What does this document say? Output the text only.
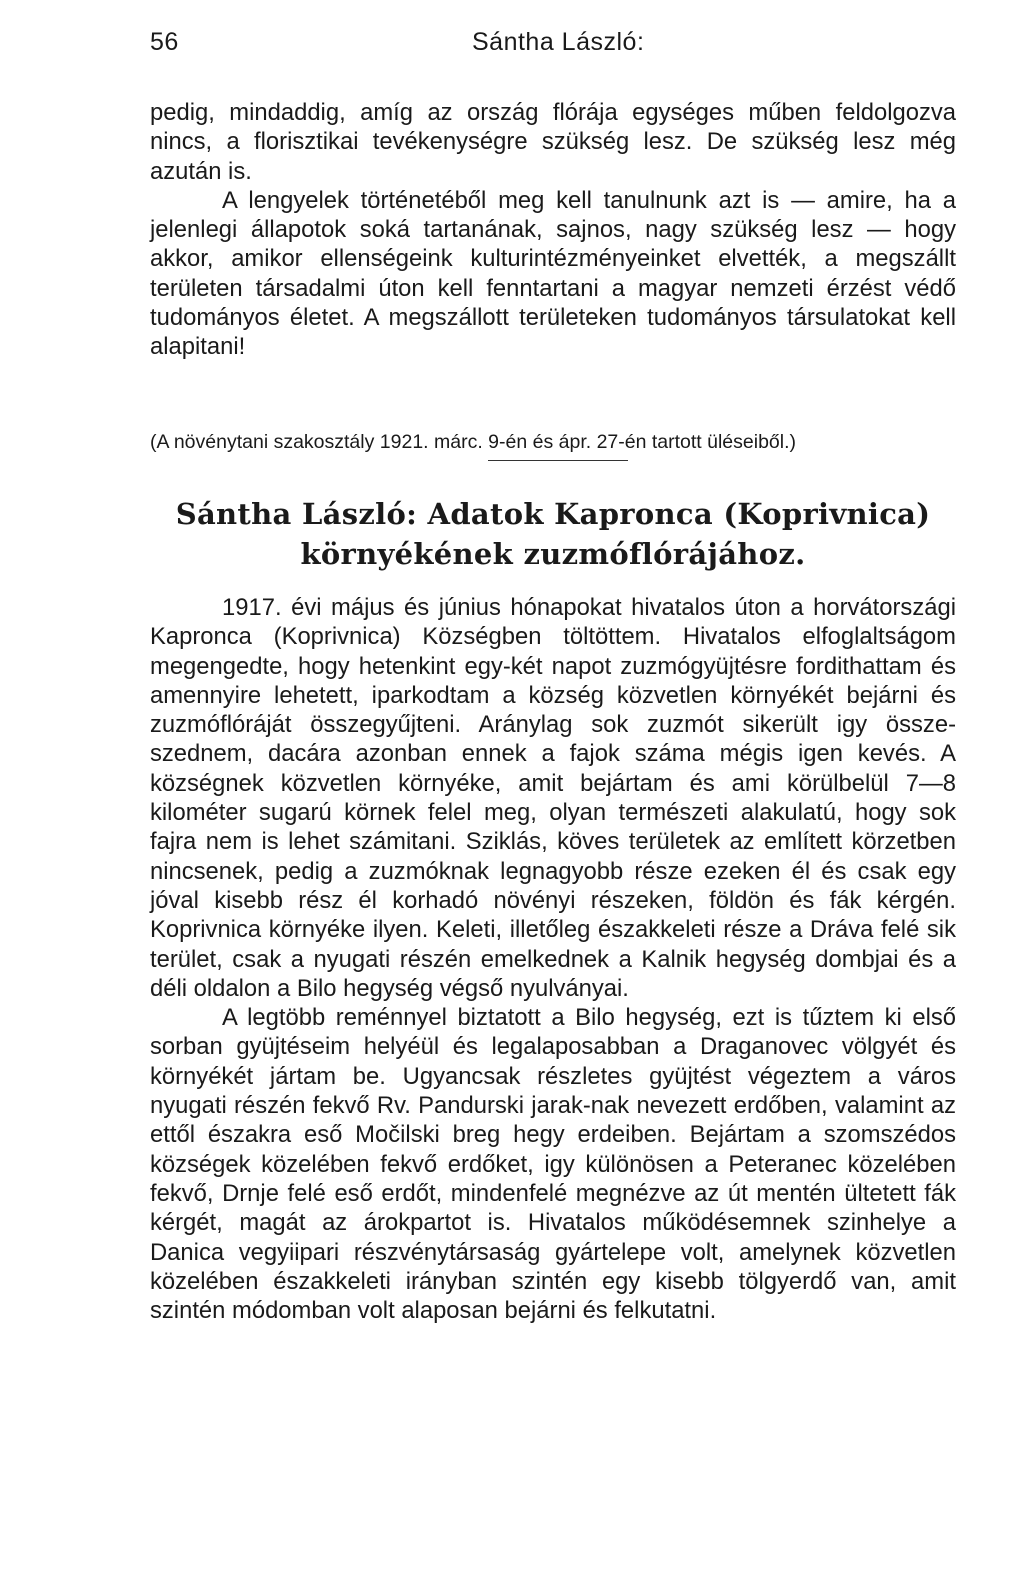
56	Sántha László:

pedig, mindaddig, amíg az ország flórája egységes műben feldolgozva nincs, a florisztikai tevékenységre szükség lesz. De szükség lesz még azután is.

A lengyelek történetéből meg kell tanulnunk azt is — amire, ha a jelenlegi állapotok soká tartanának, sajnos, nagy szükség lesz — hogy akkor, amikor ellenségeink kulturintézményeinket elvették, a megszállt területen társadalmi úton kell fenntartani a magyar nemzeti érzést védő tudományos életet. A megszállott területeken tudományos társulatokat kell alapitani!

(A növénytani szakosztály 1921. márc. 9-én és ápr. 27-én tartott üléseiből.)
Sántha László: Adatok Kapronca (Koprivnica)
környékének zuzmóflórájához.

1917. évi május és június hónapokat hivatalos úton a horvátországi Kapronca (Koprivnica) Községben töltöttem. Hivatalos elfoglaltságom megengedte, hogy hetenkint egy-két napot zuzmógyüjtésre fordithattam és amennyire lehetett, iparkodtam a község közvetlen környékét bejárni és zuzmóflóráját összegyűjteni. Aránylag sok zuzmót sikerült igy összeszednem, dacára azonban ennek a fajok száma mégis igen kevés. A községnek közvetlen környéke, amit bejártam és ami körülbelül 7—8 kilométer sugarú körnek felel meg, olyan természeti alakulatú, hogy sok fajra nem is lehet számitani. Sziklás, köves területek az említett körzetben nincsenek, pedig a zuzmóknak legnagyobb része ezeken él és csak egy jóval kisebb rész él korhadó növényi részeken, földön és fák kérgén. Koprivnica környéke ilyen. Keleti, illetőleg északkeleti része a Dráva felé sik terület, csak a nyugati részén emelkednek a Kalnik hegység dombjai és a déli oldalon a Bilo hegység végső nyulványai.

A legtöbb reménnyel biztatott a Bilo hegység, ezt is tűztem ki első sorban gyüjtéseim helyéül és legalaposabban a Draganovec völgyét és környékét jártam be. Ugyancsak részletes gyüjtést végeztem a város nyugati részén fekvő Rv. Pandurski jarak-nak nevezett erdőben, valamint az ettől északra eső Močilski breg hegy erdeiben. Bejártam a szomszédos községek közelében fekvő erdőket, igy különösen a Peteranec közelében fekvő, Drnje felé eső erdőt, mindenfelé megnézve az út mentén ültetett fák kérgét, magát az árokpartot is. Hivatalos működésemnek szinhelye a Danica vegyiipari részvénytársaság gyártelepe volt, amelynek közvetlen közelében északkeleti irányban szintén egy kisebb tölgyerdő van, amit szintén módomban volt alaposan bejárni és felkutatni.
